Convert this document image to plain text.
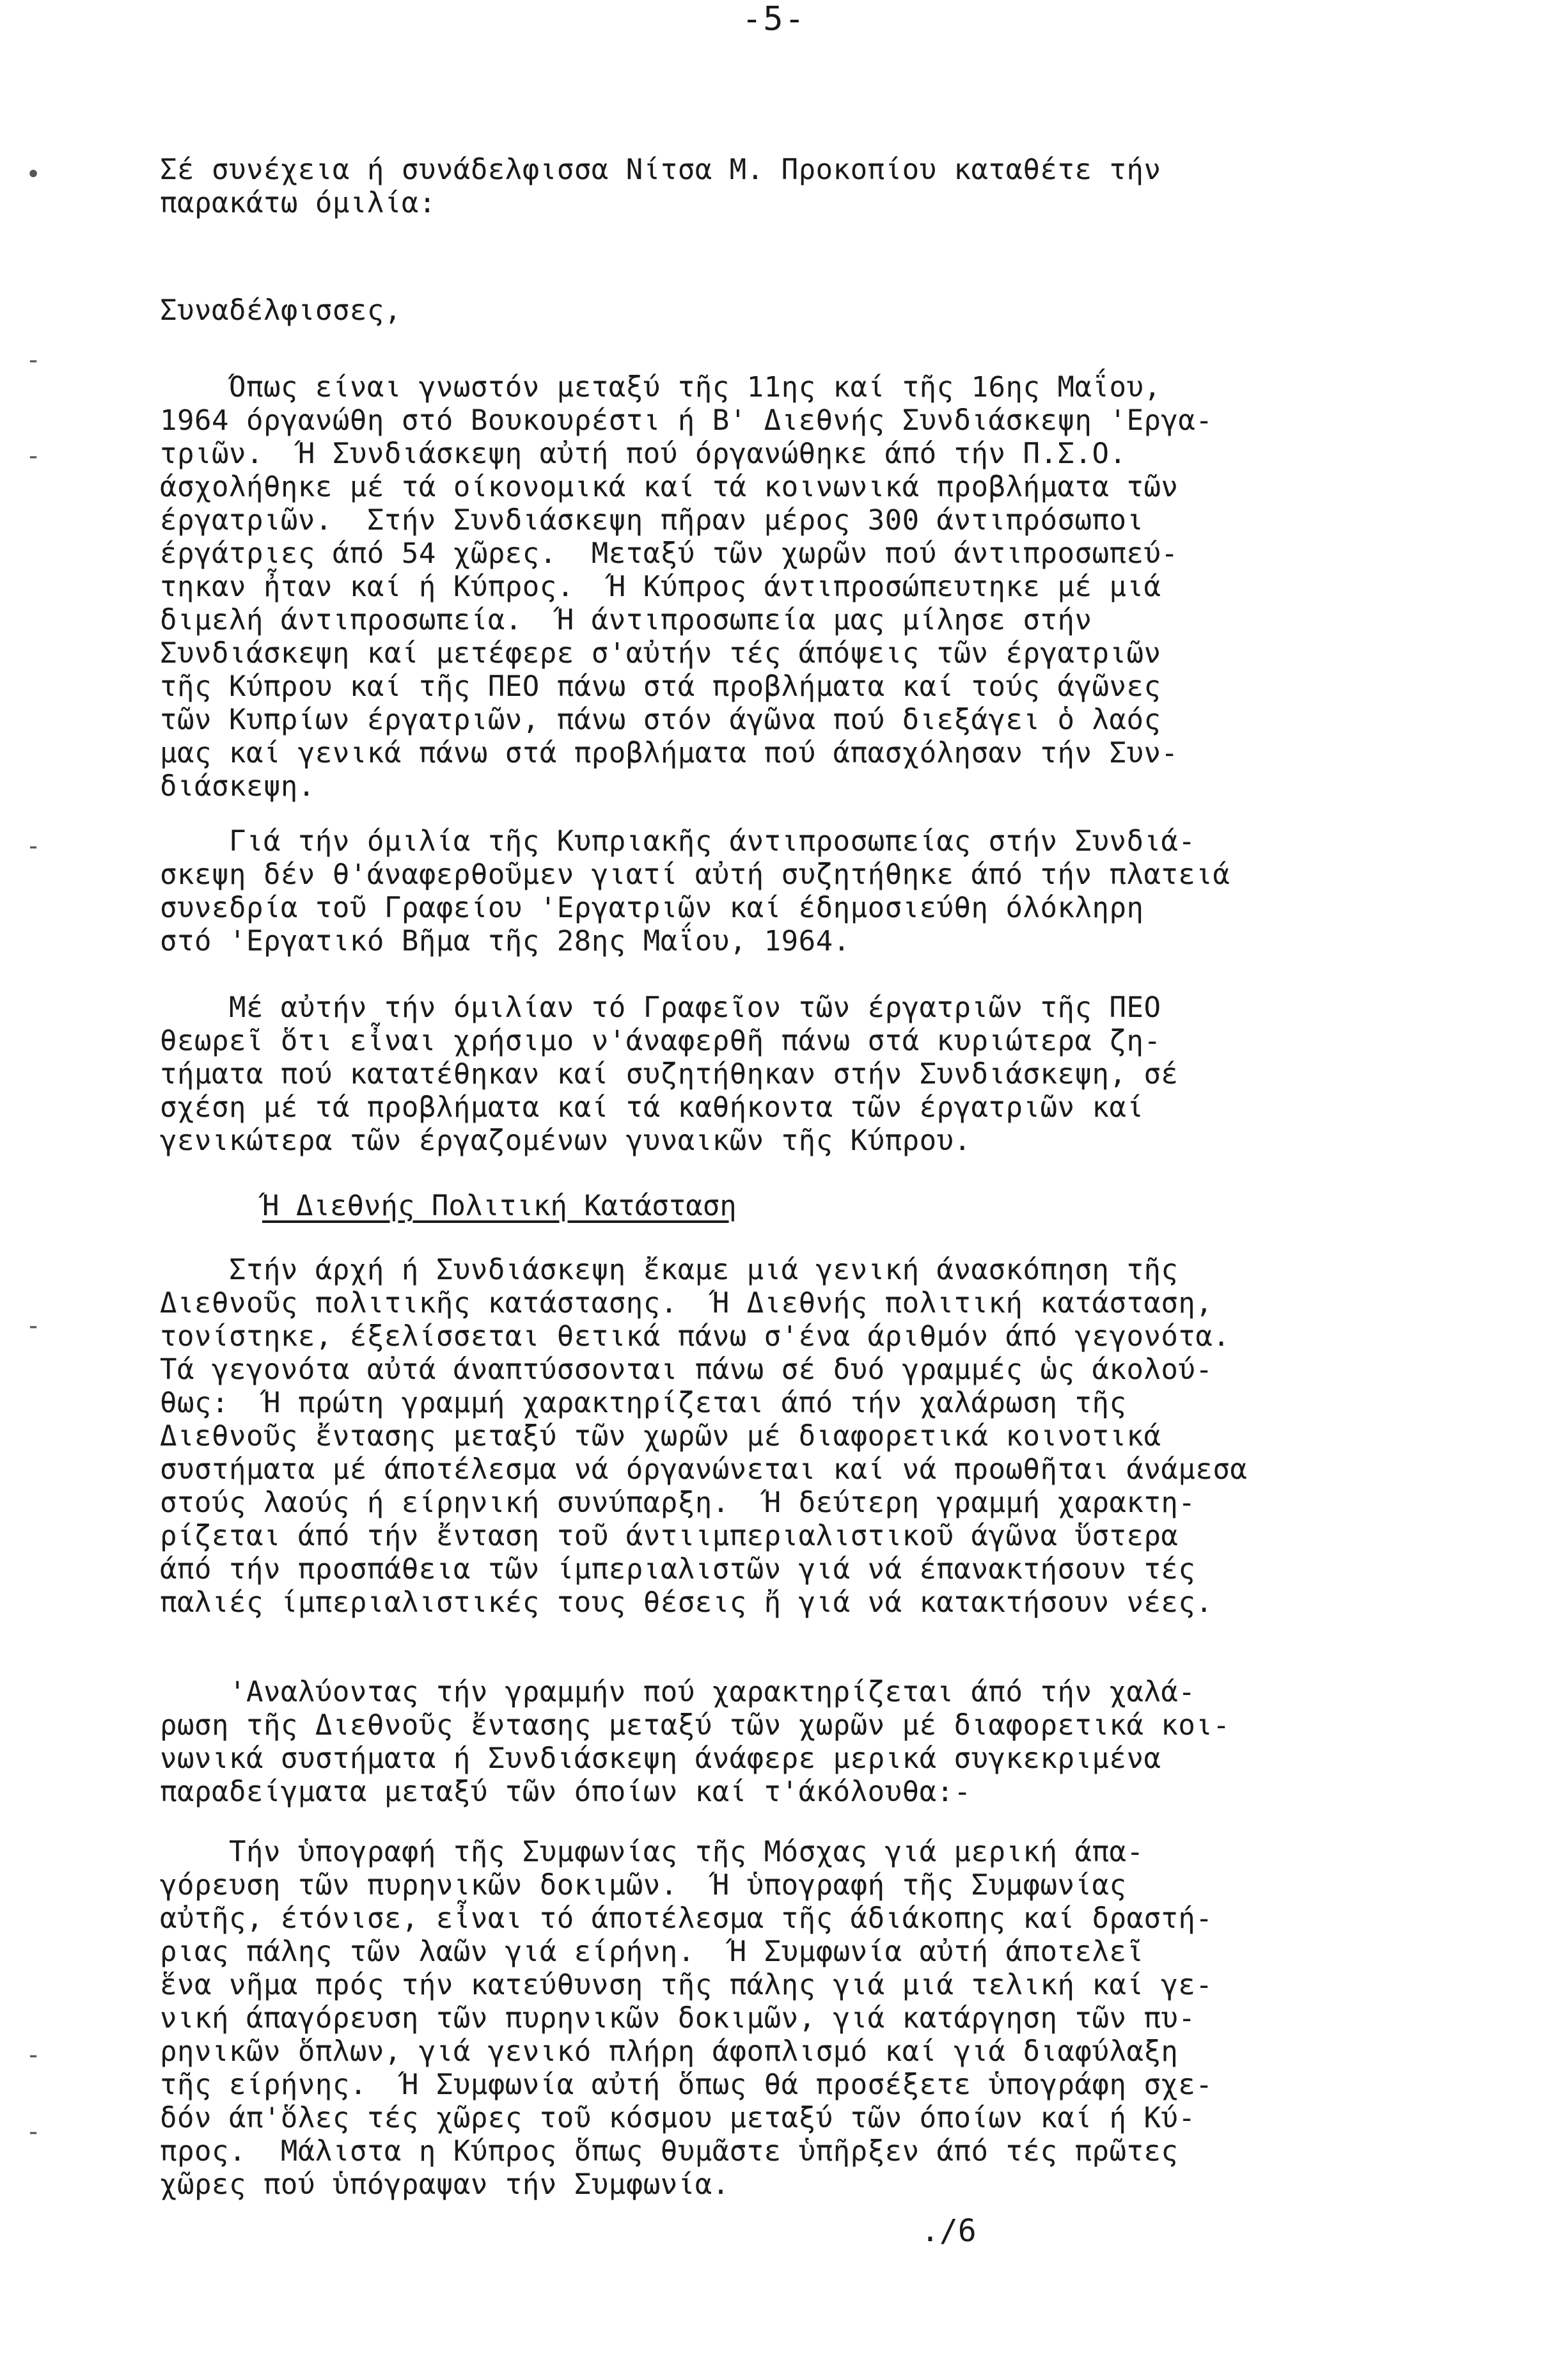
-5-
•
-
-
-
-
-
-
Σέ συνέχεια ή συνάδελφισσα Νίτσα Μ. Προκοπίου καταθέτε τήν
παρακάτω όμιλία:
Συναδέλφισσες,
Όπως είναι γνωστόν μεταξύ τῆς 11ης καί τῆς 16ης Μαΐου,
1964 όργανώθη στό Βουκουρέστι ή Β' Διεθνής Συνδιάσκεψη 'Εργα-
τριῶν.  Ή Συνδιάσκεψη αὐτή πού όργανώθηκε άπό τήν Π.Σ.Ο.
άσχολήθηκε μέ τά οίκονομικά καί τά κοινωνικά προβλήματα τῶν
έργατριῶν.  Στήν Συνδιάσκεψη πῆραν μέρος 300 άντιπρόσωποι
έργάτριες άπό 54 χῶρες.  Μεταξύ τῶν χωρῶν πού άντιπροσωπεύ-
τηκαν ἦταν καί ή Κύπρος.  Ή Κύπρος άντιπροσώπευτηκε μέ μιά
διμελή άντιπροσωπεία.  Ή άντιπροσωπεία μας μίλησε στήν
Συνδιάσκεψη καί μετέφερε σ'αὐτήν τές άπόψεις τῶν έργατριῶν
τῆς Κύπρου καί τῆς ΠΕΟ πάνω στά προβλήματα καί τούς άγῶνες
τῶν Κυπρίων έργατριῶν, πάνω στόν άγῶνα πού διεξάγει ὁ λαός
μας καί γενικά πάνω στά προβλήματα πού άπασχόλησαν τήν Συν-
διάσκεψη.
Γιά τήν όμιλία τῆς Κυπριακῆς άντιπροσωπείας στήν Συνδιά-
σκεψη δέν θ'άναφερθοῦμεν γιατί αὐτή συζητήθηκε άπό τήν πλατειά
συνεδρία τοῦ Γραφείου 'Εργατριῶν καί έδημοσιεύθη όλόκληρη
στό 'Εργατικό Βῆμα τῆς 28ης Μαΐου, 1964.
Μέ αὐτήν τήν όμιλίαν τό Γραφεῖον τῶν έργατριῶν τῆς ΠΕΟ
θεωρεῖ ὅτι εἶναι χρήσιμο ν'άναφερθῆ πάνω στά κυριώτερα ζη-
τήματα πού κατατέθηκαν καί συζητήθηκαν στήν Συνδιάσκεψη, σέ
σχέση μέ τά προβλήματα καί τά καθήκοντα τῶν έργατριῶν καί
γενικώτερα τῶν έργαζομένων γυναικῶν τῆς Κύπρου.
Ή Διεθνής Πολιτική Κατάσταση
Στήν άρχή ή Συνδιάσκεψη ἔκαμε μιά γενική άνασκόπηση τῆς
Διεθνοῦς πολιτικῆς κατάστασης.  Ή Διεθνής πολιτική κατάσταση,
τονίστηκε, έξελίσσεται θετικά πάνω σ'ένα άριθμόν άπό γεγονότα.
Τά γεγονότα αὐτά άναπτύσσονται πάνω σέ δυό γραμμές ὡς άκολού-
θως:  Ή πρώτη γραμμή χαρακτηρίζεται άπό τήν χαλάρωση τῆς
Διεθνοῦς ἔντασης μεταξύ τῶν χωρῶν μέ διαφορετικά κοινοτικά
συστήματα μέ άποτέλεσμα νά όργανώνεται καί νά προωθῆται άνάμεσα
στούς λαούς ή είρηνική συνύπαρξη.  Ή δεύτερη γραμμή χαρακτη-
ρίζεται άπό τήν ἔνταση τοῦ άντιιμπεριαλιστικοῦ άγῶνα ὕστερα
άπό τήν προσπάθεια τῶν ίμπεριαλιστῶν γιά νά έπανακτήσουν τές
παλιές ίμπεριαλιστικές τους θέσεις ἤ γιά νά κατακτήσουν νέες.
'Αναλύοντας τήν γραμμήν πού χαρακτηρίζεται άπό τήν χαλά-
ρωση τῆς Διεθνοῦς ἔντασης μεταξύ τῶν χωρῶν μέ διαφορετικά κοι-
νωνικά συστήματα ή Συνδιάσκεψη άνάφερε μερικά συγκεκριμένα
παραδείγματα μεταξύ τῶν όποίων καί τ'άκόλουθα:-
Τήν ὑπογραφή τῆς Συμφωνίας τῆς Μόσχας γιά μερική άπα-
γόρευση τῶν πυρηνικῶν δοκιμῶν.  Ή ὑπογραφή τῆς Συμφωνίας
αὐτῆς, έτόνισε, εἶναι τό άποτέλεσμα τῆς άδιάκοπης καί δραστή-
ριας πάλης τῶν λαῶν γιά είρήνη.  Ή Συμφωνία αὐτή άποτελεῖ
ἕνα νῆμα πρός τήν κατεύθυνση τῆς πάλης γιά μιά τελική καί γε-
νική άπαγόρευση τῶν πυρηνικῶν δοκιμῶν, γιά κατάργηση τῶν πυ-
ρηνικῶν ὅπλων, γιά γενικό πλήρη άφοπλισμό καί γιά διαφύλαξη
τῆς είρήνης.  Ή Συμφωνία αὐτή ὅπως θά προσέξετε ὑπογράφη σχε-
δόν άπ'ὅλες τές χῶρες τοῦ κόσμου μεταξύ τῶν όποίων καί ή Κύ-
προς.  Μάλιστα η Κύπρος ὅπως θυμᾶστε ὑπῆρξεν άπό τές πρῶτες
χῶρες πού ὑπόγραψαν τήν Συμφωνία.
./6
